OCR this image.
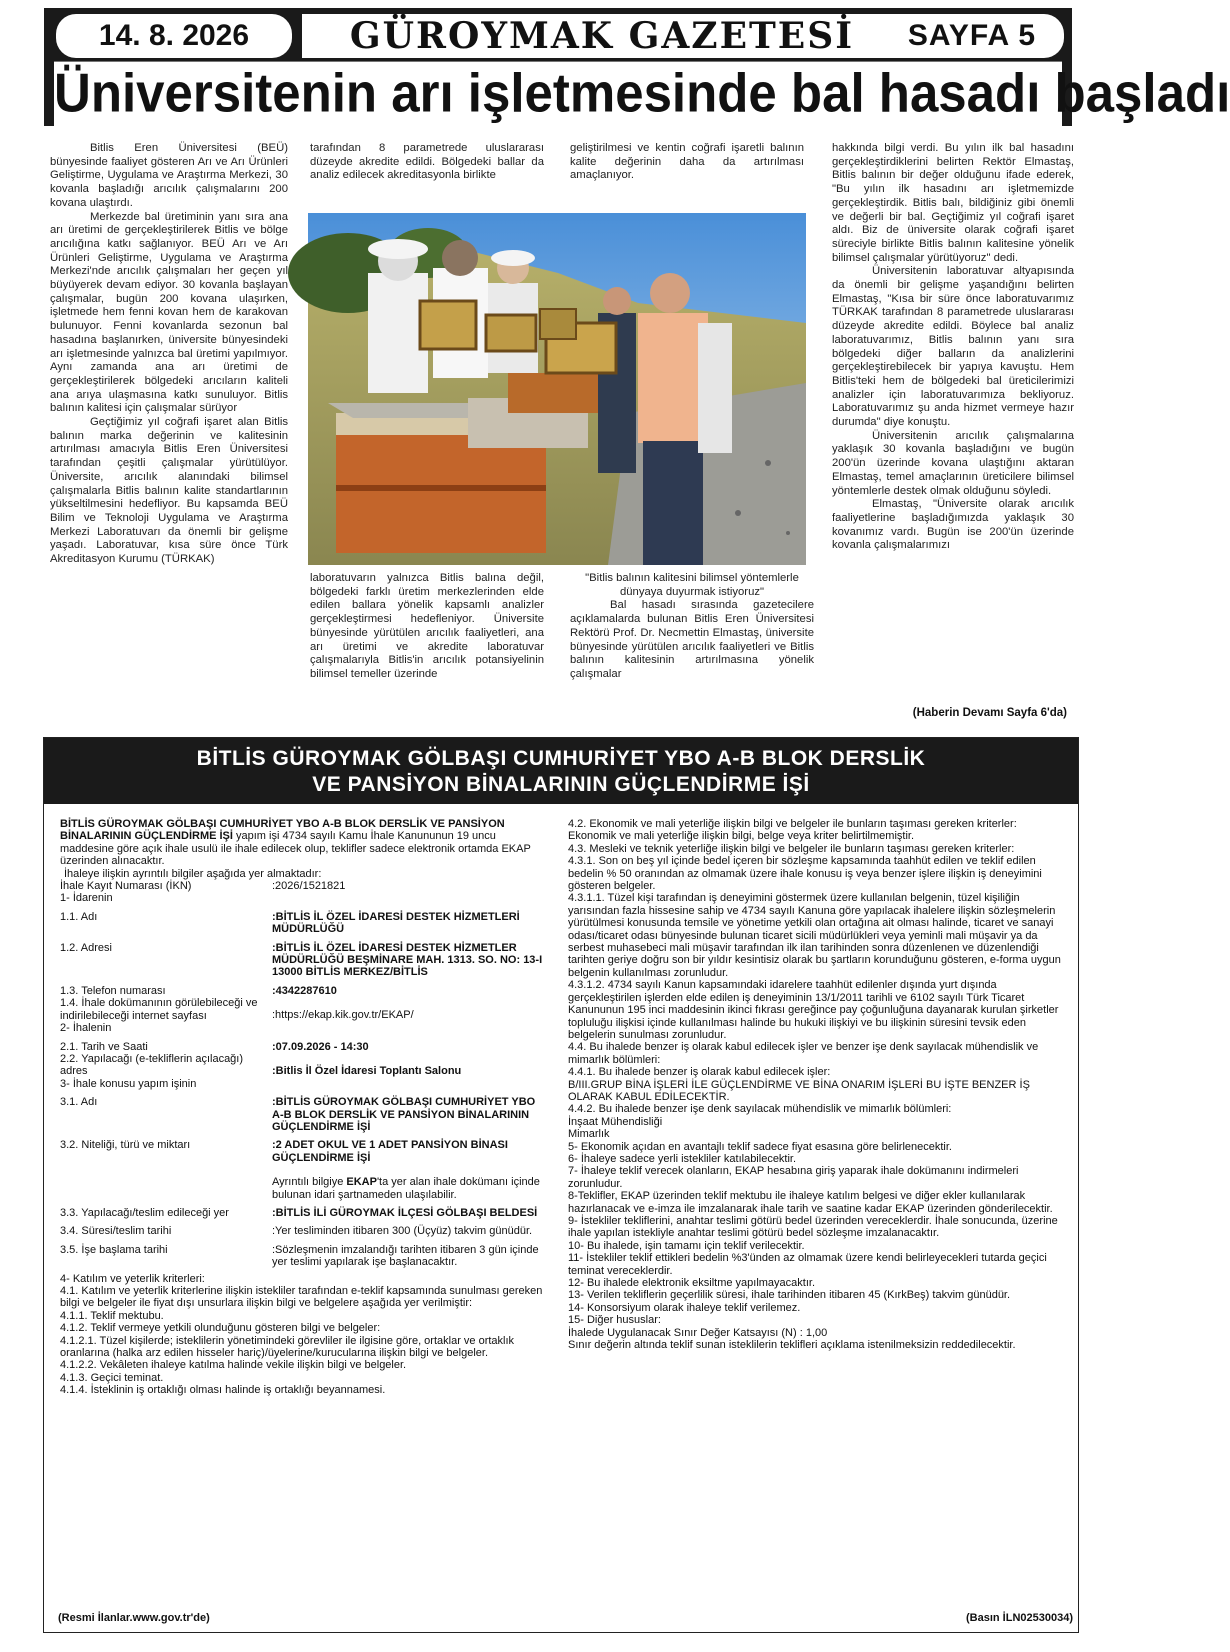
14. 8. 2026	GÜROYMAK GAZETESİ	SAYFA 5
Üniversitenin arı işletmesinde bal hasadı başladı

Bitlis Eren Üniversitesi (BEÜ) bünyesinde faaliyet gösteren Arı ve Arı Ürünleri Geliştirme, Uygulama ve Araştırma Merkezi, 30 kovanla başladığı arıcılık çalışmalarını 200 kovana ulaştırdı.

Merkezde bal üretiminin yanı sıra ana arı üretimi de gerçekleştirilerek Bitlis ve bölge arıcılığına katkı sağlanıyor. BEÜ Arı ve Arı Ürünleri Geliştirme, Uygulama ve Araştırma Merkezi'nde arıcılık çalışmaları her geçen yıl büyüyerek devam ediyor. 30 kovanla başlayan çalışmalar, bugün 200 kovana ulaşırken, işletmede hem fenni kovan hem de karakovan bulunuyor. Fenni kovanlarda sezonun bal hasadına başlanırken, üniversite bünyesindeki arı işletmesinde yalnızca bal üretimi yapılmıyor. Aynı zamanda ana arı üretimi de gerçekleştirilerek bölgedeki arıcıların kaliteli ana arıya ulaşmasına katkı sunuluyor. Bitlis balının kalitesi için çalışmalar sürüyor

Geçtiğimiz yıl coğrafi işaret alan Bitlis balının marka değerinin ve kalitesinin artırılması amacıyla Bitlis Eren Üniversitesi tarafından çeşitli çalışmalar yürütülüyor. Üniversite, arıcılık alanındaki bilimsel çalışmalarla Bitlis balının kalite standartlarının yükseltilmesini hedefliyor. Bu kapsamda BEÜ Bilim ve Teknoloji Uygulama ve Araştırma Merkezi Laboratuvarı da önemli bir gelişme yaşadı. Laboratuvar, kısa süre önce Türk Akreditasyon Kurumu (TÜRKAK)

tarafından 8 parametrede uluslararası düzeyde akredite edildi. Bölgedeki ballar da analiz edilecek akreditasyonla birlikte

geliştirilmesi ve kentin coğrafi işaretli balının kalite değerinin daha da artırılması amaçlanıyor.

laboratuvarın yalnızca Bitlis balına değil, bölgedeki farklı üretim merkezlerinden elde edilen ballara yönelik kapsamlı analizler gerçekleştirmesi hedefleniyor. Üniversite bünyesinde yürütülen arıcılık faaliyetleri, ana arı üretimi ve akredite laboratuvar çalışmalarıyla Bitlis'in arıcılık potansiyelinin bilimsel temeller üzerinde

"Bitlis balının kalitesini bilimsel yöntemlerle dünyaya duyurmak istiyoruz"

Bal hasadı sırasında gazetecilere açıklamalarda bulunan Bitlis Eren Üniversitesi Rektörü Prof. Dr. Necmettin Elmastaş, üniversite bünyesinde yürütülen arıcılık faaliyetleri ve Bitlis balının kalitesinin artırılmasına yönelik çalışmalar

hakkında bilgi verdi. Bu yılın ilk bal hasadını gerçekleştirdiklerini belirten Rektör Elmastaş, Bitlis balının bir değer olduğunu ifade ederek, "Bu yılın ilk hasadını arı işletmemizde gerçekleştirdik. Bitlis balı, bildiğiniz gibi önemli ve değerli bir bal. Geçtiğimiz yıl coğrafi işaret aldı. Biz de üniversite olarak coğrafi işaret süreciyle birlikte Bitlis balının kalitesine yönelik bilimsel çalışmalar yürütüyoruz" dedi.

Üniversitenin laboratuvar altyapısında da önemli bir gelişme yaşandığını belirten Elmastaş, "Kısa bir süre önce laboratuvarımız TÜRKAK tarafından 8 parametrede uluslararası düzeyde akredite edildi. Böylece bal analiz laboratuvarımız, Bitlis balının yanı sıra bölgedeki diğer balların da analizlerini gerçekleştirebilecek bir yapıya kavuştu. Hem Bitlis'teki hem de bölgedeki bal üreticilerimizi analizler için laboratuvarımıza bekliyoruz. Laboratuvarımız şu anda hizmet vermeye hazır durumda" diye konuştu.

Üniversitenin arıcılık çalışmalarına yaklaşık 30 kovanla başladığını ve bugün 200'ün üzerinde kovana ulaştığını aktaran Elmastaş, temel amaçlarının üreticilere bilimsel yöntemlerle destek olmak olduğunu söyledi.

Elmastaş, "Üniversite olarak arıcılık faaliyetlerine başladığımızda yaklaşık 30 kovanımız vardı. Bugün ise 200'ün üzerinde kovanla çalışmalarımızı

(Haberin Devamı Sayfa 6'da)
BİTLİS GÜROYMAK GÖLBAŞI CUMHURİYET YBO A-B BLOK DERSLİK
VE PANSİYON BİNALARININ GÜÇLENDİRME İŞİ

BİTLİS GÜROYMAK GÖLBAŞI CUMHURİYET YBO A-B BLOK DERSLİK VE PANSİYON BİNALARININ GÜÇLENDİRME İŞİ yapım işi 4734 sayılı Kamu İhale Kanununun 19 uncu maddesine göre açık ihale usulü ile ihale edilecek olup, teklifler sadece elektronik ortamda EKAP üzerinden alınacaktır.

İhaleye ilişkin ayrıntılı bilgiler aşağıda yer almaktadır:

İhale Kayıt Numarası (İKN)	:2026/1521821

1- İdarenin

1.1. Adı	:BİTLİS İL ÖZEL İDARESİ DESTEK HİZMETLERİ MÜDÜRLÜĞÜ
1.2. Adresi	:BİTLİS İL ÖZEL İDARESİ DESTEK HİZMETLER MÜDÜRLÜĞÜ BEŞMİNARE MAH. 1313. SO. NO: 13-I 13000 BİTLİS MERKEZ/BİTLİS
1.3. Telefon numarası	:4342287610
1.4. İhale dokümanının görülebileceği ve indirilebileceği internet sayfası	:https://ekap.kik.gov.tr/EKAP/

2- İhalenin

2.1. Tarih ve Saati	:07.09.2026 - 14:30
2.2. Yapılacağı (e-tekliflerin açılacağı) adres	:Bitlis İl Özel İdaresi Toplantı Salonu

3- İhale konusu yapım işinin

3.1. Adı	:BİTLİS GÜROYMAK GÖLBAŞI CUMHURİYET YBO A-B BLOK DERSLİK VE PANSİYON BİNALARININ GÜÇLENDİRME İŞİ
3.2. Niteliği, türü ve miktarı	:2 ADET OKUL VE 1 ADET PANSİYON BİNASI GÜÇLENDİRME İŞİ
Ayrıntılı bilgiye EKAP'ta yer alan ihale dokümanı içinde bulunan idari şartnameden ulaşılabilir.
3.3. Yapılacağı/teslim edileceği yer	:BİTLİS İLİ GÜROYMAK İLÇESİ GÖLBAŞI BELDESİ
3.4. Süresi/teslim tarihi	:Yer tesliminden itibaren 300 (Üçyüz) takvim günüdür.
3.5. İşe başlama tarihi	:Sözleşmenin imzalandığı tarihten itibaren 3 gün içinde yer teslimi yapılarak işe başlanacaktır.

4- Katılım ve yeterlik kriterleri:

4.1. Katılım ve yeterlik kriterlerine ilişkin istekliler tarafından e-teklif kapsamında sunulması gereken bilgi ve belgeler ile fiyat dışı unsurlara ilişkin bilgi ve belgelere aşağıda yer verilmiştir:

4.1.1. Teklif mektubu.

4.1.2. Teklif vermeye yetkili olunduğunu gösteren bilgi ve belgeler:

4.1.2.1. Tüzel kişilerde; isteklilerin yönetimindeki görevliler ile ilgisine göre, ortaklar ve ortaklık oranlarına (halka arz edilen hisseler hariç)/üyelerine/kurucularına ilişkin bilgi ve belgeler.

4.1.2.2. Vekâleten ihaleye katılma halinde vekile ilişkin bilgi ve belgeler.

4.1.3. Geçici teminat.

4.1.4. İsteklinin iş ortaklığı olması halinde iş ortaklığı beyannamesi.

4.2. Ekonomik ve mali yeterliğe ilişkin bilgi ve belgeler ile bunların taşıması gereken kriterler:

Ekonomik ve mali yeterliğe ilişkin bilgi, belge veya kriter belirtilmemiştir.

4.3. Mesleki ve teknik yeterliğe ilişkin bilgi ve belgeler ile bunların taşıması gereken kriterler:

4.3.1. Son on beş yıl içinde bedel içeren bir sözleşme kapsamında taahhüt edilen ve teklif edilen bedelin % 50 oranından az olmamak üzere ihale konusu iş veya benzer işlere ilişkin iş deneyimini gösteren belgeler.

4.3.1.1. Tüzel kişi tarafından iş deneyimini göstermek üzere kullanılan belgenin, tüzel kişiliğin yarısından fazla hissesine sahip ve 4734 sayılı Kanuna göre yapılacak ihalelere ilişkin sözleşmelerin yürütülmesi konusunda temsile ve yönetime yetkili olan ortağına ait olması halinde, ticaret ve sanayi odası/ticaret odası bünyesinde bulunan ticaret sicili müdürlükleri veya yeminli mali müşavir ya da serbest muhasebeci mali müşavir tarafından ilk ilan tarihinden sonra düzenlenen ve düzenlendiği tarihten geriye doğru son bir yıldır kesintisiz olarak bu şartların korunduğunu gösteren, e-forma uygun belgenin kullanılması zorunludur.

4.3.1.2. 4734 sayılı Kanun kapsamındaki idarelere taahhüt edilenler dışında yurt dışında gerçekleştirilen işlerden elde edilen iş deneyiminin 13/1/2011 tarihli ve 6102 sayılı Türk Ticaret Kanununun 195 inci maddesinin ikinci fıkrası gereğince pay çoğunluğuna dayanarak kurulan şirketler topluluğu ilişkisi içinde kullanılması halinde bu hukuki ilişkiyi ve bu ilişkinin süresini tevsik eden belgelerin sunulması zorunludur.

4.4. Bu ihalede benzer iş olarak kabul edilecek işler ve benzer işe denk sayılacak mühendislik ve mimarlık bölümleri:

4.4.1. Bu ihalede benzer iş olarak kabul edilecek işler:

B/III.GRUP BİNA İŞLERİ İLE GÜÇLENDİRME VE BİNA ONARIM İŞLERİ BU İŞTE BENZER İŞ OLARAK KABUL EDİLECEKTİR.

4.4.2. Bu ihalede benzer işe denk sayılacak mühendislik ve mimarlık bölümleri:

İnşaat Mühendisliği

Mimarlık

5- Ekonomik açıdan en avantajlı teklif sadece fiyat esasına göre belirlenecektir.

6- İhaleye sadece yerli istekliler katılabilecektir.

7- İhaleye teklif verecek olanların, EKAP hesabına giriş yaparak ihale dokümanını indirmeleri zorunludur.

8-Teklifler, EKAP üzerinden teklif mektubu ile ihaleye katılım belgesi ve diğer ekler kullanılarak hazırlanacak ve e-imza ile imzalanarak ihale tarih ve saatine kadar EKAP üzerinden gönderilecektir.

9- İstekliler tekliflerini, anahtar teslimi götürü bedel üzerinden vereceklerdir. İhale sonucunda, üzerine ihale yapılan istekliyle anahtar teslimi götürü bedel sözleşme imzalanacaktır.

10- Bu ihalede, işin tamamı için teklif verilecektir.

11- İstekliler teklif ettikleri bedelin %3'ünden az olmamak üzere kendi belirleyecekleri tutarda geçici teminat vereceklerdir.

12- Bu ihalede elektronik eksiltme yapılmayacaktır.

13- Verilen tekliflerin geçerlilik süresi, ihale tarihinden itibaren 45 (KırkBeş) takvim günüdür.

14- Konsorsiyum olarak ihaleye teklif verilemez.

15- Diğer hususlar:

İhalede Uygulanacak Sınır Değer Katsayısı (N) : 1,00

Sınır değerin altında teklif sunan isteklilerin teklifleri açıklama istenilmeksizin reddedilecektir.

(Resmi İlanlar.www.gov.tr'de)	(Basın İLN02530034)
